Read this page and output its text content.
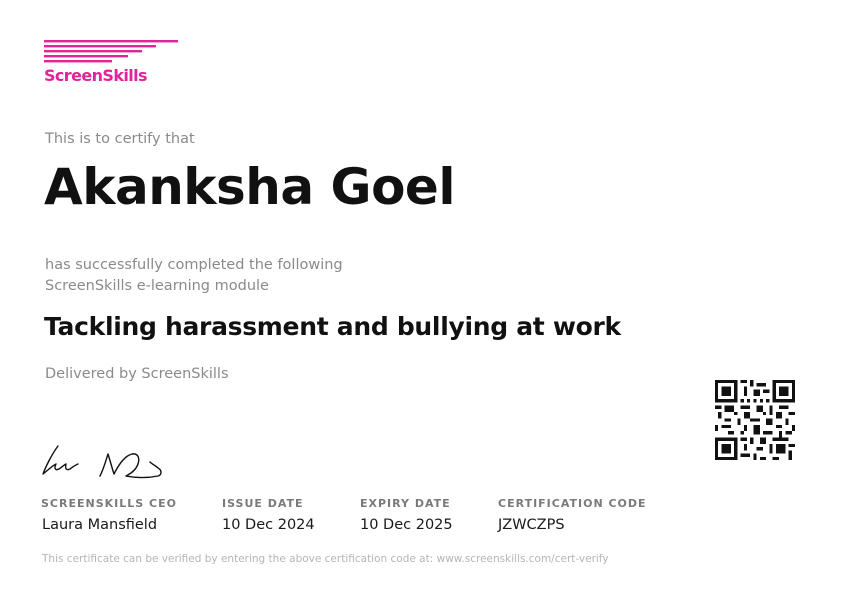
ScreenSkills
This is to certify that
Akanksha Goel
has successfully completed the following
ScreenSkills e-learning module
Tackling harassment and bullying at work
Delivered by ScreenSkills
SCREENSKILLS CEO
Laura Mansfield
ISSUE DATE
10 Dec 2024
EXPIRY DATE
10 Dec 2025
CERTIFICATION CODE
JZWCZPS
This certificate can be verified by entering the above certification code at: www.screenskills.com/cert-verify
